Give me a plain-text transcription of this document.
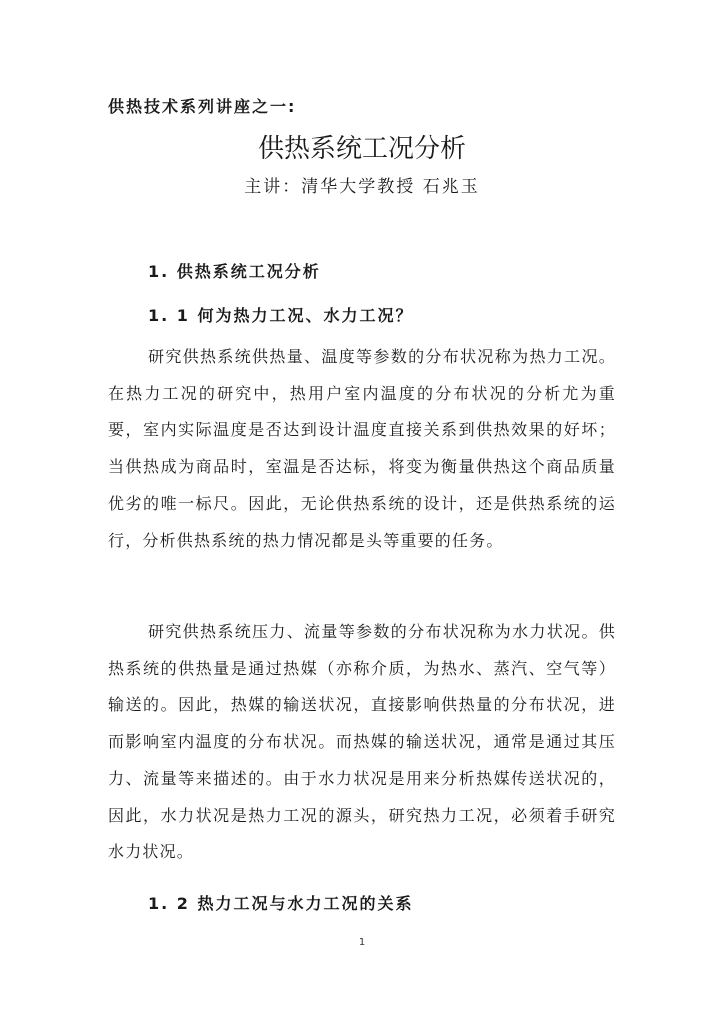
供热技术系列讲座之一:
供热系统工况分析
主讲：清华大学教授 石兆玉
1. 供热系统工况分析
1. 1 何为热力工况、水力工况？

研究供热系统供热量、温度等参数的分布状况称为热力工况。在热力工况的研究中，热用户室内温度的分布状况的分析尤为重要，室内实际温度是否达到设计温度直接关系到供热效果的好坏；当供热成为商品时，室温是否达标，将变为衡量供热这个商品质量优劣的唯一标尺。因此，无论供热系统的设计，还是供热系统的运行，分析供热系统的热力情况都是头等重要的任务。

研究供热系统压力、流量等参数的分布状况称为水力状况。供热系统的供热量是通过热媒（亦称介质，为热水、蒸汽、空气等）输送的。因此，热媒的输送状况，直接影响供热量的分布状况，进而影响室内温度的分布状况。而热媒的输送状况，通常是通过其压力、流量等来描述的。由于水力状况是用来分析热媒传送状况的，因此，水力状况是热力工况的源头，研究热力工况，必须着手研究水力状况。

1. 2 热力工况与水力工况的关系
1
